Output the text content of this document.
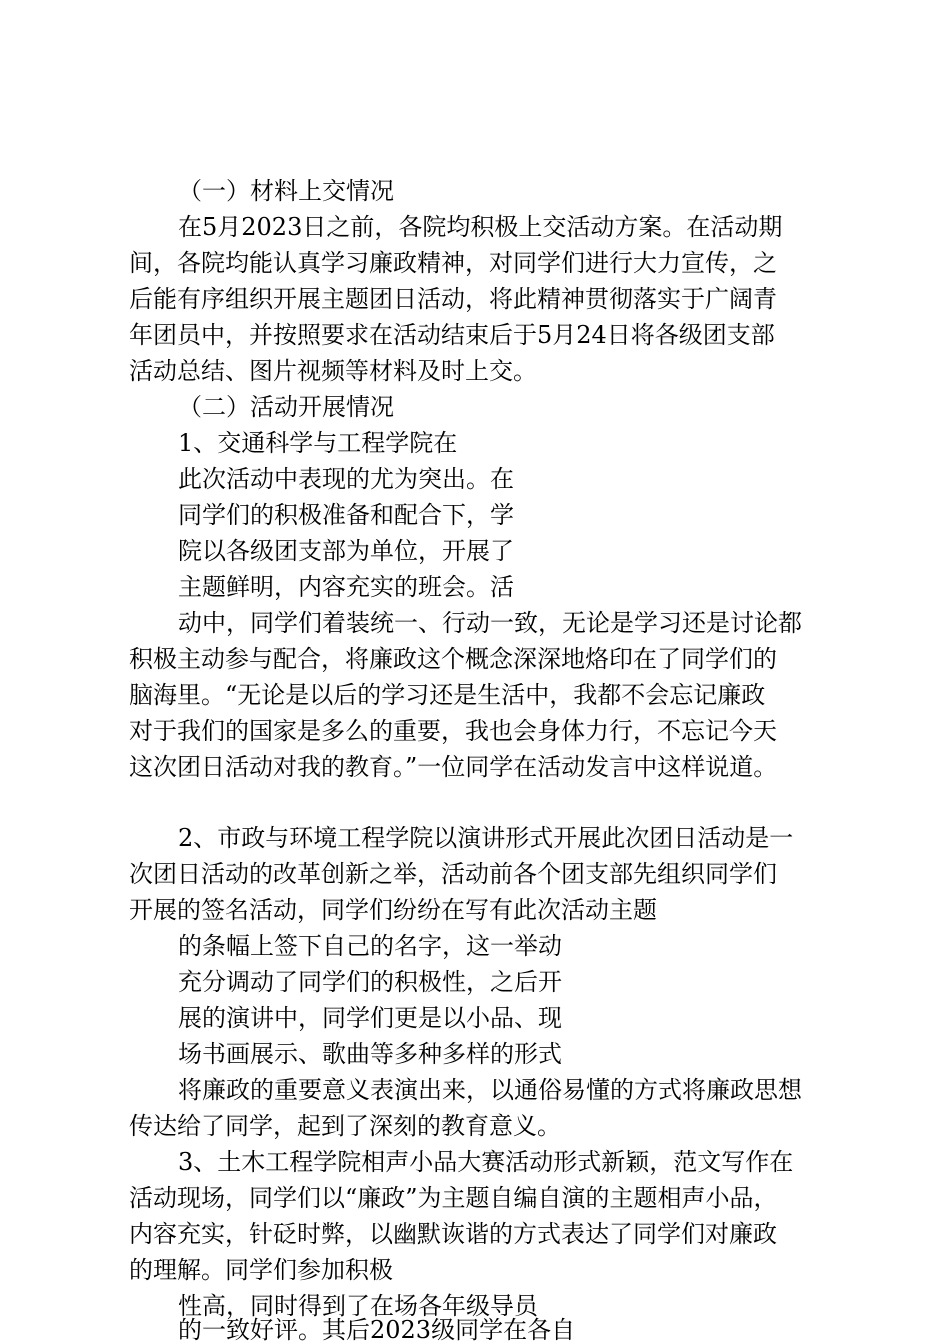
（一）材料上交情况
在5月2023日之前，各院均积极上交活动方案。在活动期
间，各院均能认真学习廉政精神，对同学们进行大力宣传，之
后能有序组织开展主题团日活动，将此精神贯彻落实于广阔青
年团员中，并按照要求在活动结束后于5月24日将各级团支部
活动总结、图片视频等材料及时上交。
（二）活动开展情况
1、交通科学与工程学院在
此次活动中表现的尤为突出。在
同学们的积极准备和配合下，学
院以各级团支部为单位，开展了
主题鲜明，内容充实的班会。活
动中，同学们着装统一、行动一致，无论是学习还是讨论都
积极主动参与配合，将廉政这个概念深深地烙印在了同学们的
脑海里。“无论是以后的学习还是生活中，我都不会忘记廉政
对于我们的国家是多么的重要，我也会身体力行，不忘记今天
这次团日活动对我的教育。”一位同学在活动发言中这样说道。
2、市政与环境工程学院以演讲形式开展此次团日活动是一
次团日活动的改革创新之举，活动前各个团支部先组织同学们
开展的签名活动，同学们纷纷在写有此次活动主题
的条幅上签下自己的名字，这一举动
充分调动了同学们的积极性，之后开
展的演讲中，同学们更是以小品、现
场书画展示、歌曲等多种多样的形式
将廉政的重要意义表演出来，以通俗易懂的方式将廉政思想
传达给了同学，起到了深刻的教育意义。
3、土木工程学院相声小品大赛活动形式新颖，范文写作在
活动现场，同学们以“廉政”为主题自编自演的主题相声小品，
内容充实，针砭时弊，以幽默诙谐的方式表达了同学们对廉政
的理解。同学们参加积极
性高，同时得到了在场各年级导员
的一致好评。其后2023级同学在各自
